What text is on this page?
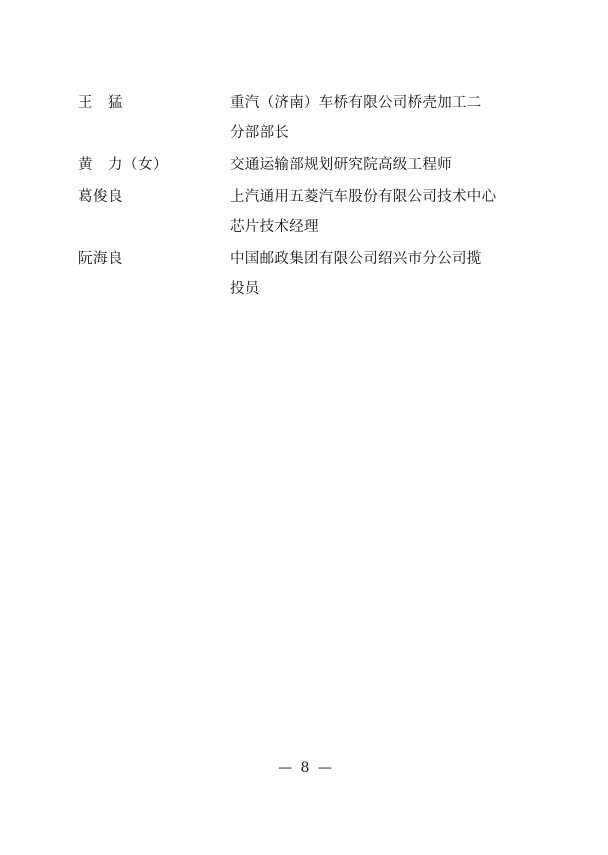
王　猛	重汽（济南）车桥有限公司桥壳加工二
分部部长
黄　力（女）	交通运输部规划研究院高级工程师
葛俊良	上汽通用五菱汽车股份有限公司技术中心
芯片技术经理
阮海良	中国邮政集团有限公司绍兴市分公司揽
投员
— 8 —
